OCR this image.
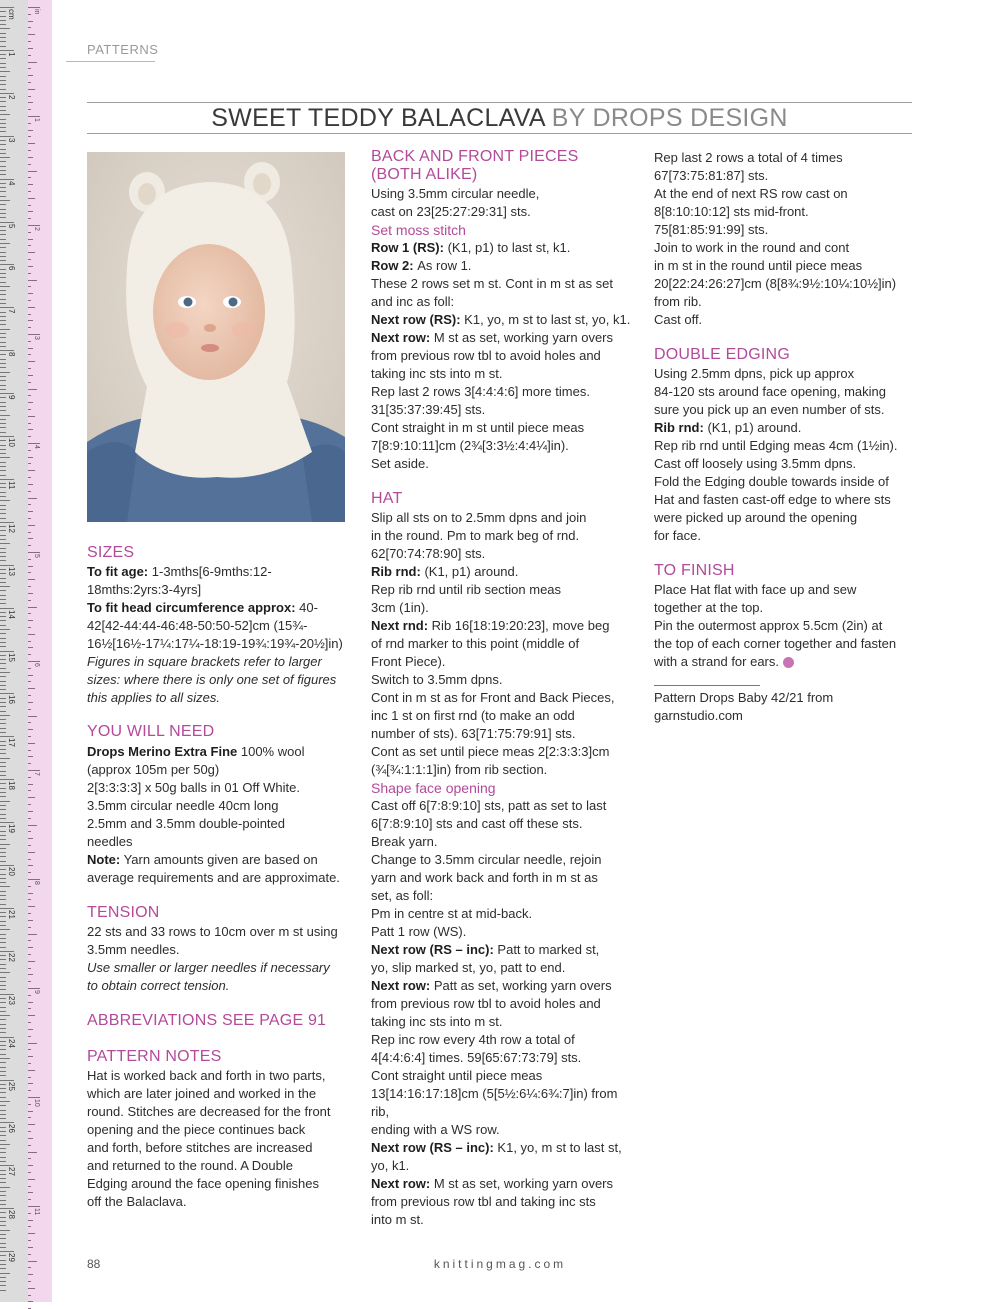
cm
1
2
3
4
5
6
7
8
9
10
11
12
13
14
15
16
17
18
19
20
21
22
23
24
25
26
27
28
29
in
1
2
3
4
5
6
7
8
9
10
11
PATTERNS
SWEET TEDDY BALACLAVA BY DROPS DESIGN
SIZES
To fit age: 1-3mths[6-9mths:12-
18mths:2yrs:3-4yrs]
To fit head circumference approx: 40-
42[42-44:44-46:48-50:50-52]cm (15¾-
16½[16½-17¼:17¼-18:19-19¾:19¾-20½]in)
Figures in square brackets refer to larger
sizes: where there is only one set of figures
this applies to all sizes.
YOU WILL NEED
Drops Merino Extra Fine 100% wool
(approx 105m per 50g)
2[3:3:3:3] x 50g balls in 01 Off White.
3.5mm circular needle 40cm long
2.5mm and 3.5mm double-pointed
needles
Note: Yarn amounts given are based on
average requirements and are approximate.
TENSION
22 sts and 33 rows to 10cm over m st using
3.5mm needles.
Use smaller or larger needles if necessary
to obtain correct tension.
ABBREVIATIONS SEE PAGE 91
PATTERN NOTES
Hat is worked back and forth in two parts,
which are later joined and worked in the
round. Stitches are decreased for the front
opening and the piece continues back
and forth, before stitches are increased
and returned to the round. A Double
Edging around the face opening finishes
off the Balaclava.
BACK AND FRONT PIECES
(BOTH ALIKE)
Using 3.5mm circular needle,
cast on 23[25:27:29:31] sts.
Set moss stitch
Row 1 (RS): (K1, p1) to last st, k1.
Row 2: As row 1.
These 2 rows set m st. Cont in m st as set
and inc as foll:
Next row (RS): K1, yo, m st to last st, yo, k1.
Next row: M st as set, working yarn overs
from previous row tbl to avoid holes and
taking inc sts into m st.
Rep last 2 rows 3[4:4:4:6] more times.
31[35:37:39:45] sts.
Cont straight in m st until piece meas
7[8:9:10:11]cm (2¾[3:3½:4:4¼]in).
Set aside.
HAT
Slip all sts on to 2.5mm dpns and join
in the round. Pm to mark beg of rnd.
62[70:74:78:90] sts.
Rib rnd: (K1, p1) around.
Rep rib rnd until rib section meas
3cm (1in).
Next rnd: Rib 16[18:19:20:23], move beg
of rnd marker to this point (middle of
Front Piece).
Switch to 3.5mm dpns.
Cont in m st as for Front and Back Pieces,
inc 1 st on first rnd (to make an odd
number of sts). 63[71:75:79:91] sts.
Cont as set until piece meas 2[2:3:3:3]cm
(¾[¾:1:1:1]in) from rib section.
Shape face opening
Cast off 6[7:8:9:10] sts, patt as set to last
6[7:8:9:10] sts and cast off these sts.
Break yarn.
Change to 3.5mm circular needle, rejoin
yarn and work back and forth in m st as
set, as foll:
Pm in centre st at mid-back.
Patt 1 row (WS).
Next row (RS – inc): Patt to marked st,
yo, slip marked st, yo, patt to end.
Next row: Patt as set, working yarn overs
from previous row tbl to avoid holes and
taking inc sts into m st.
Rep inc row every 4th row a total of
4[4:4:6:4] times. 59[65:67:73:79] sts.
Cont straight until piece meas
13[14:16:17:18]cm (5[5½:6¼:6¾:7]in) from rib,
ending with a WS row.
Next row (RS – inc): K1, yo, m st to last st,
yo, k1.
Next row: M st as set, working yarn overs
from previous row tbl and taking inc sts
into m st.
Rep last 2 rows a total of 4 times
67[73:75:81:87] sts.
At the end of next RS row cast on
8[8:10:10:12] sts mid-front.
75[81:85:91:99] sts.
Join to work in the round and cont
in m st in the round until piece meas
20[22:24:26:27]cm (8[8¾:9½:10¼:10½]in)
from rib.
Cast off.
DOUBLE EDGING
Using 2.5mm dpns, pick up approx
84-120 sts around face opening, making
sure you pick up an even number of sts.
Rib rnd: (K1, p1) around.
Rep rib rnd until Edging meas 4cm (1½in).
Cast off loosely using 3.5mm dpns.
Fold the Edging double towards inside of
Hat and fasten cast-off edge to where sts
were picked up around the opening
for face.
TO FINISH
Place Hat flat with face up and sew
together at the top.
Pin the outermost approx 5.5cm (2in) at
the top of each corner together and fasten
with a strand for ears.
Pattern Drops Baby 42/21 from
garnstudio.com
88	knittingmag.com
